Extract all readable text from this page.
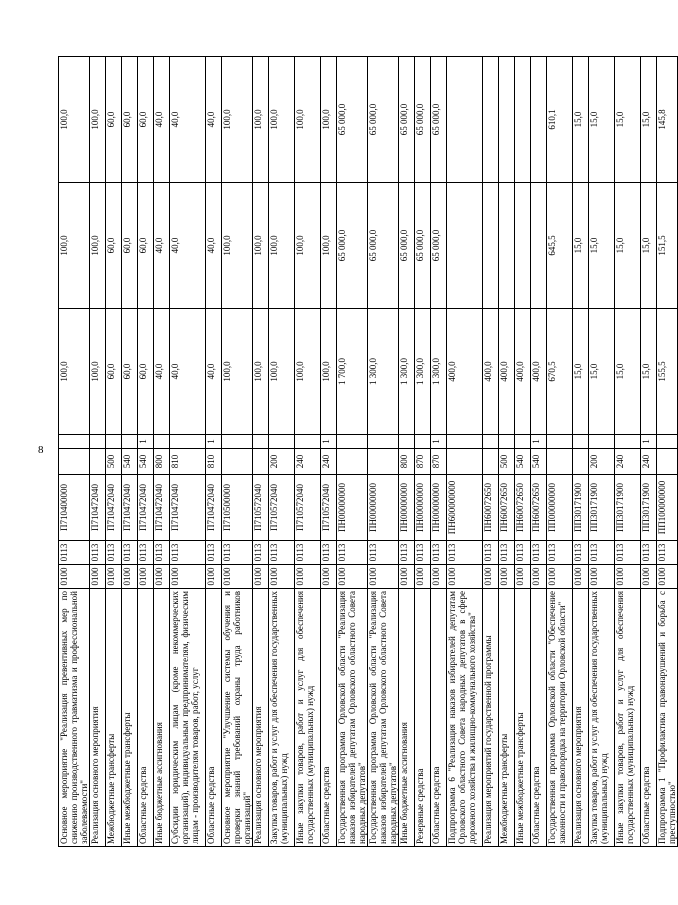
8
Основное мероприятие "Реализация превентивных мер по снижению производственного травматизма и профессиональной заболеваемости"	0100	0113	П710400000			100,0	100,0	100,0
Реализация основного мероприятия	0100	0113	П710472040			100,0	100,0	100,0
Межбюджетные трансферты	0100	0113	П710472040	500		60,0	60,0	60,0
Иные межбюджетные трансферты	0100	0113	П710472040	540		60,0	60,0	60,0
Областные средства	0100	0113	П710472040	540	1	60,0	60,0	60,0
Иные бюджетные ассигнования	0100	0113	П710472040	800		40,0	40,0	40,0
Субсидии юридическим лицам (кроме некоммерческих организаций), индивидуальным предпринимателям, физическим лицам - производителям товаров, работ, услуг	0100	0113	П710472040	810		40,0	40,0	40,0
Областные средства	0100	0113	П710472040	810	1	40,0	40,0	40,0
Основное мероприятие "Улучшение системы обучения и проверки знаний требований охраны труда работников организаций"	0100	0113	П710500000			100,0	100,0	100,0
Реализация основного мероприятия	0100	0113	П710572040			100,0	100,0	100,0
Закупка товаров, работ и услуг для обеспечения государственных (муниципальных) нужд	0100	0113	П710572040	200		100,0	100,0	100,0
Иные закупки товаров, работ и услуг для обеспечения государственных (муниципальных) нужд	0100	0113	П710572040	240		100,0	100,0	100,0
Областные средства	0100	0113	П710572040	240	1	100,0	100,0	100,0
Государственная программа Орловской области "Реализация наказов избирателей депутатам Орловского областного Совета народных депутатов"	0100	0113	ПН00000000			1 700,0	65 000,0	65 000,0
Государственная программа Орловской области "Реализация наказов избирателей депутатам Орловского областного Совета народных депутатов"	0100	0113	ПН00000000			1 300,0	65 000,0	65 000,0
Иные бюджетные ассигнования	0100	0113	ПН00000000	800		1 300,0	65 000,0	65 000,0
Резервные средства	0100	0113	ПН00000000	870		1 300,0	65 000,0	65 000,0
Областные средства	0100	0113	ПН00000000	870	1	1 300,0	65 000,0	65 000,0
Подпрограмма 6 "Реализация наказов избирателей депутатам Орловского областного Совета народных депутатов в сфере дорожного хозяйства и жилищно-коммунального хозяйства"	0100	0113	ПН600000000			400,0		
Реализация мероприятий государственной программы	0100	0113	ПН60072650			400,0		
Межбюджетные трансферты	0100	0113	ПН60072650	500		400,0		
Иные межбюджетные трансферты	0100	0113	ПН60072650	540		400,0		
Областные средства	0100	0113	ПН60072650	540	1	400,0		
Государственная программа Орловской области "Обеспечение законности и правопорядка на территории Орловской области"	0100	0113	ПП00000000			670,5	645,5	610,1
Реализация основного мероприятия	0100	0113	ПП30171900			15,0	15,0	15,0
Закупка товаров, работ и услуг для обеспечения государственных (муниципальных) нужд	0100	0113	ПП30171900	200		15,0	15,0	15,0
Иные закупки товаров, работ и услуг для обеспечения государственных (муниципальных) нужд	0100	0113	ПП30171900	240		15,0	15,0	15,0
Областные средства	0100	0113	ПП30171900	240	1	15,0	15,0	15,0
Подпрограмма 1 "Профилактика правонарушений и борьба с преступностью"	0100	0113	ПП100000000			155,5	151,5	145,8
